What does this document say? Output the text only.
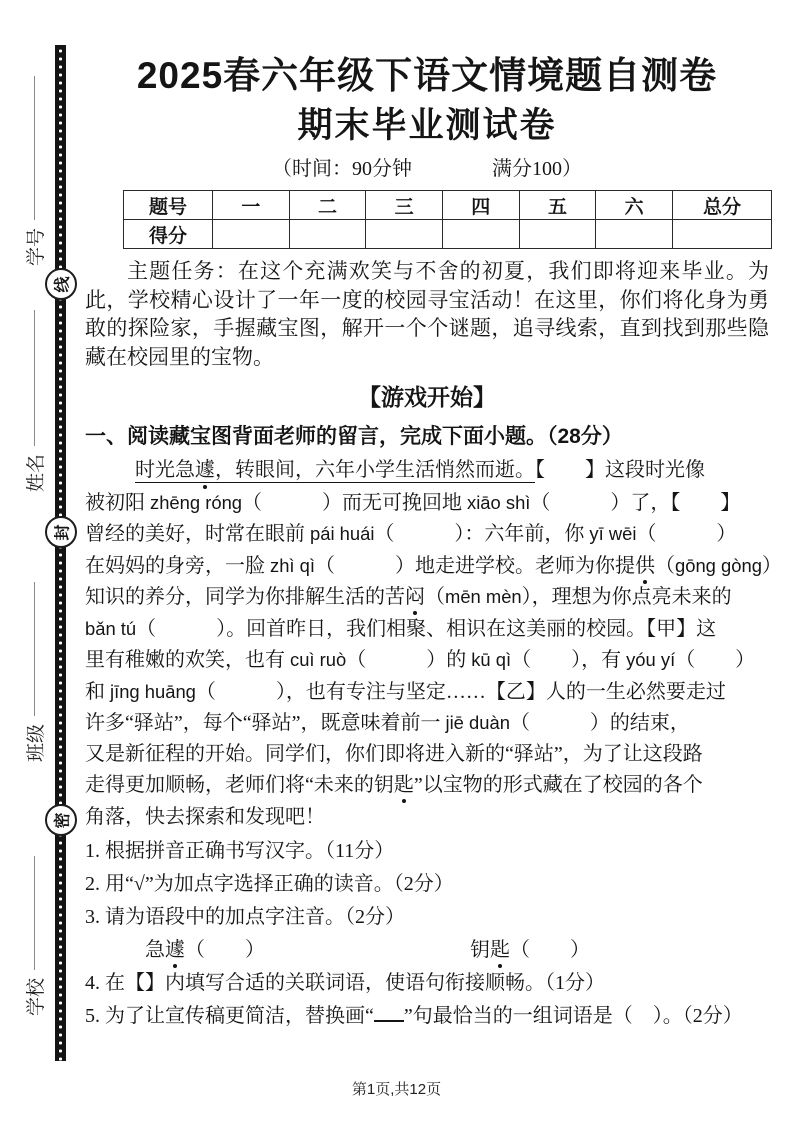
线
封
密
学号
姓名
班级
学校
2025春六年级下语文情境题自测卷
期末毕业测试卷
（时间：90分钟　　　　满分100）
题号	一	二	三	四	五	六	总分
得分							

主题任务：在这个充满欢笑与不舍的初夏，我们即将迎来毕业。为此，学校精心设计了一年一度的校园寻宝活动！在这里，你们将化身为勇敢的探险家，手握藏宝图，解开一个个谜题，追寻线索，直到找到那些隐藏在校园里的宝物。

【游戏开始】
一、阅读藏宝图背面老师的留言，完成下面小题。（28分）
时光急遽，转眼间，六年小学生活悄然而逝。【　　】这段时光像
被初阳 zhēng róng（　　　）而无可挽回地 xiāo shì（　　　）了，【　　】
曾经的美好，时常在眼前 pái huái（　　　）：六年前，你 yī wēi（　　　）
在妈妈的身旁，一脸 zhì qì（　　　）地走进学校。老师为你提供（gōng gòng）
知识的养分，同学为你排解生活的苦闷（mēn mèn），理想为你点亮未来的
bǎn tú（　　　）。回首昨日，我们相聚、相识在这美丽的校园。【甲】这
里有稚嫩的欢笑，也有 cuì ruò（　　　）的 kū qì（　　），有 yóu yí（　　）
和 jīng huāng（　　　），也有专注与坚定……【乙】人的一生必然要走过
许多“驿站”，每个“驿站”，既意味着前一 jiē duàn（　　　）的结束，
又是新征程的开始。同学们，你们即将进入新的“驿站”，为了让这段路
走得更加顺畅，老师们将“未来的钥匙”以宝物的形式藏在了校园的各个
角落，快去探索和发现吧！
1. 根据拼音正确书写汉字。（11分）
2. 用“√”为加点字选择正确的读音。（2分）
3. 请为语段中的加点字注音。（2分）
急遽（　　）	钥匙（　　）
4. 在【】内填写合适的关联词语，使语句衔接顺畅。（1分）
5. 为了让宣传稿更简洁，替换画“ ”句最恰当的一组词语是（　）。（2分）
第1页,共12页
